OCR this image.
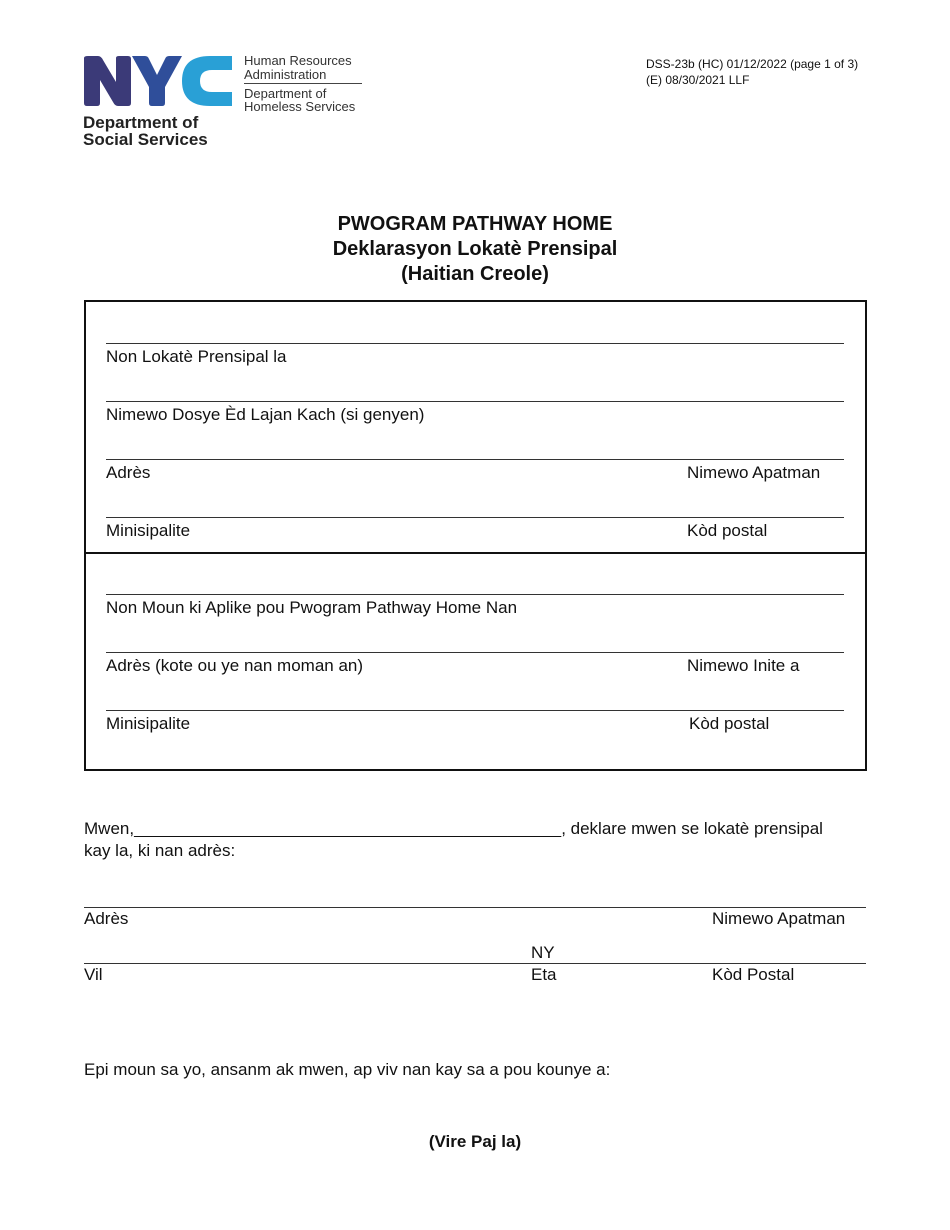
Department of
Social Services
Human Resources
Administration
Department of
Homeless Services
DSS-23b (HC) 01/12/2022 (page 1 of 3)
(E) 08/30/2021 LLF
PWOGRAM PATHWAY HOME
Deklarasyon Lokatè Prensipal
(Haitian Creole)
Non Lokatè Prensipal la
Nimewo Dosye Èd Lajan Kach (si genyen)
Adrès	Nimewo Apatman
Minisipalite	Kòd postal
Non Moun ki Aplike pou Pwogram Pathway Home Nan
Adrès (kote ou ye nan moman an)	Nimewo Inite a
Minisipalite	Kòd postal
Mwen,________________________________________________, deklare mwen se lokatè prensipal
kay la, ki nan adrès:
Adrès	Nimewo Apatman
NY
Vil	Eta	Kòd Postal
Epi moun sa yo, ansanm ak mwen, ap viv nan kay sa a pou kounye a:
(Vire Paj la)
